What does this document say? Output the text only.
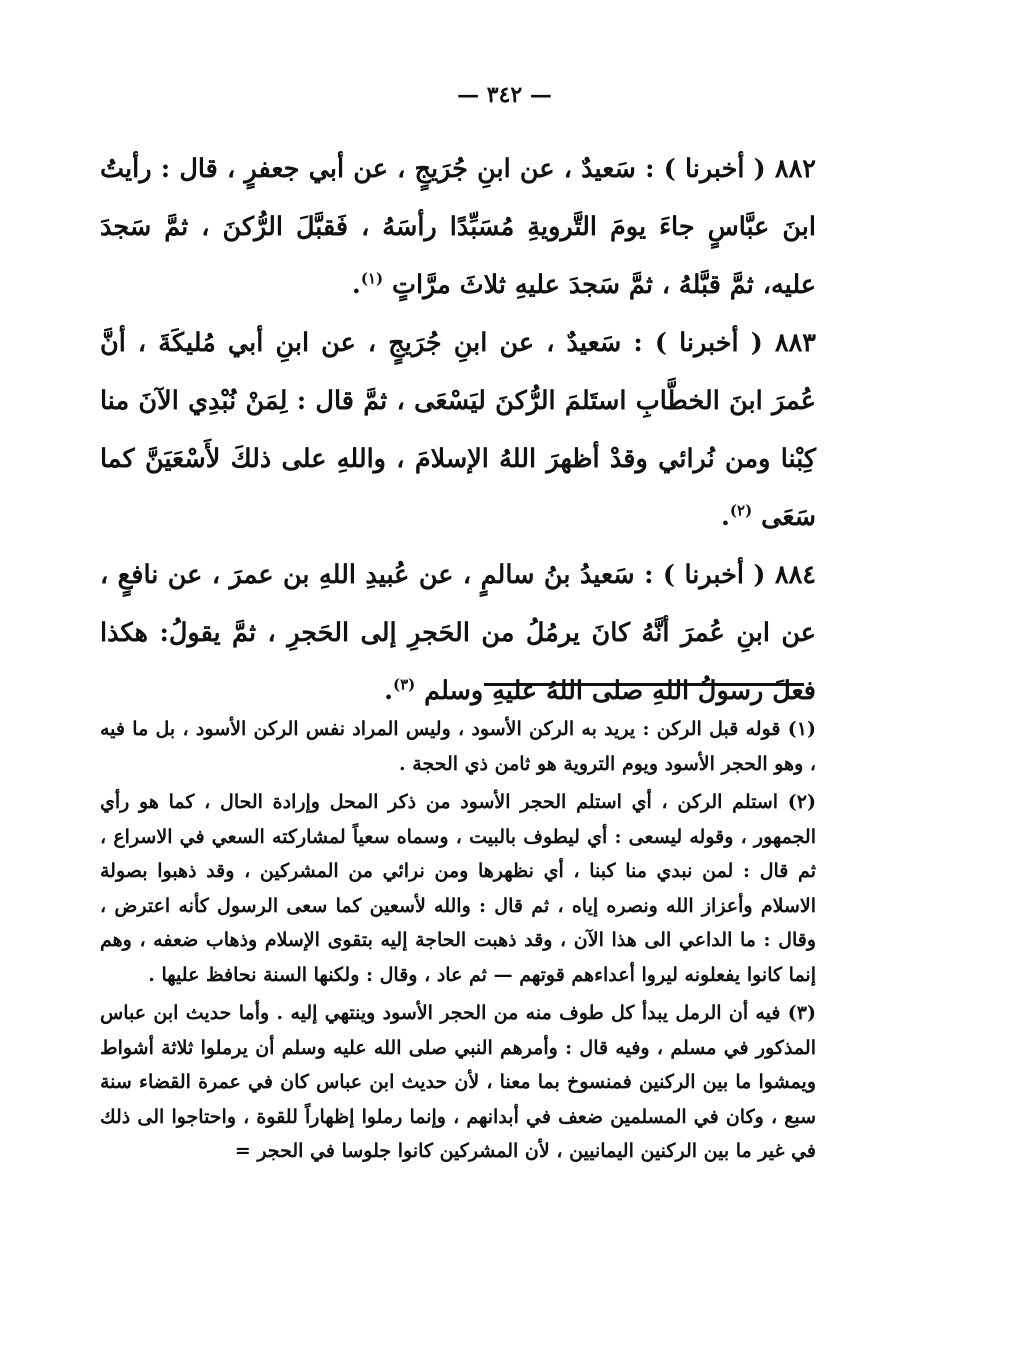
— ٣٤٢ —

٨٨٢ ( أخبرنا ) : سَعيدٌ ، عن ابنِ جُرَيجٍ ، عن أبي جعفرٍ ، قال : رأيتُ ابنَ عبَّاسٍ جاءَ يومَ التَّرويةِ مُسَبِّدًا رأسَهُ ، فَقبَّلَ الرُّكنَ ، ثمَّ سَجدَ عليه، ثمَّ قبَّلهُ ، ثمَّ سَجدَ عليهِ ثلاثَ مرَّاتٍ $^{(١)}$.

٨٨٣ ( أخبرنا ) : سَعيدٌ ، عن ابنِ جُرَيجٍ ، عن ابنِ أبي مُليكَةَ ، أنَّ عُمرَ ابنَ الخطَّابِ استَلمَ الرُّكنَ ليَسْعَى ، ثمَّ قال : لِمَنْ نُبْدِي الآنَ منا كِبْنا ومن نُرائي وقدْ أظهرَ اللهُ الإسلامَ ، واللهِ على ذلكَ لأَسْعَيَنَّ كما سَعَى $^{(٢)}$.

٨٨٤ ( أخبرنا ) : سَعيدُ بنُ سالمٍ ، عن عُبيدِ اللهِ بن عمرَ ، عن نافعٍ ، عن ابنِ عُمرَ أنَّهُ كانَ يرمُلُ من الحَجرِ إلى الحَجرِ ، ثمَّ يقولُ: هكذا فعلَ رسولُ اللهِ صلى اللهُ عليهِ وسلم $^{(٣)}$.

(١) قوله قبل الركن : يريد به الركن الأسود ، وليس المراد نفس الركن الأسود ، بل ما فيه ، وهو الحجر الأسود ويوم التروية هو ثامن ذي الحجة .

(٢) استلم الركن ، أي استلم الحجر الأسود من ذكر المحل وإرادة الحال ، كما هو رأي الجمهور ، وقوله ليسعى : أي ليطوف بالبيت ، وسماه سعياً لمشاركته السعي في الاسراع ، ثم قال : لمن نبدي منا كبنا ، أي نظهرها ومن نرائي من المشركين ، وقد ذهبوا بصولة الاسلام وأعزاز الله ونصره إياه ، ثم قال : والله لأسعين كما سعى الرسول كأنه اعترض ، وقال : ما الداعي الى هذا الآن ، وقد ذهبت الحاجة إليه بتقوى الإسلام وذهاب ضعفه ، وهم إنما كانوا يفعلونه ليروا أعداءهم قوتهم — ثم عاد ، وقال : ولكنها السنة نحافظ عليها .

(٣) فيه أن الرمل يبدأ كل طوف منه من الحجر الأسود وينتهي إليه . وأما حديث ابن عباس المذكور في مسلم ، وفيه قال : وأمرهم النبي صلى الله عليه وسلم أن يرملوا ثلاثة أشواط ويمشوا ما بين الركنين فمنسوخ بما معنا ، لأن حديث ابن عباس كان في عمرة القضاء سنة سبع ، وكان في المسلمين ضعف في أبدانهم ، وإنما رملوا إظهاراً للقوة ، واحتاجوا الى ذلك في غير ما بين الركنين اليمانيين ، لأن المشركين كانوا جلوسا في الحجر =
